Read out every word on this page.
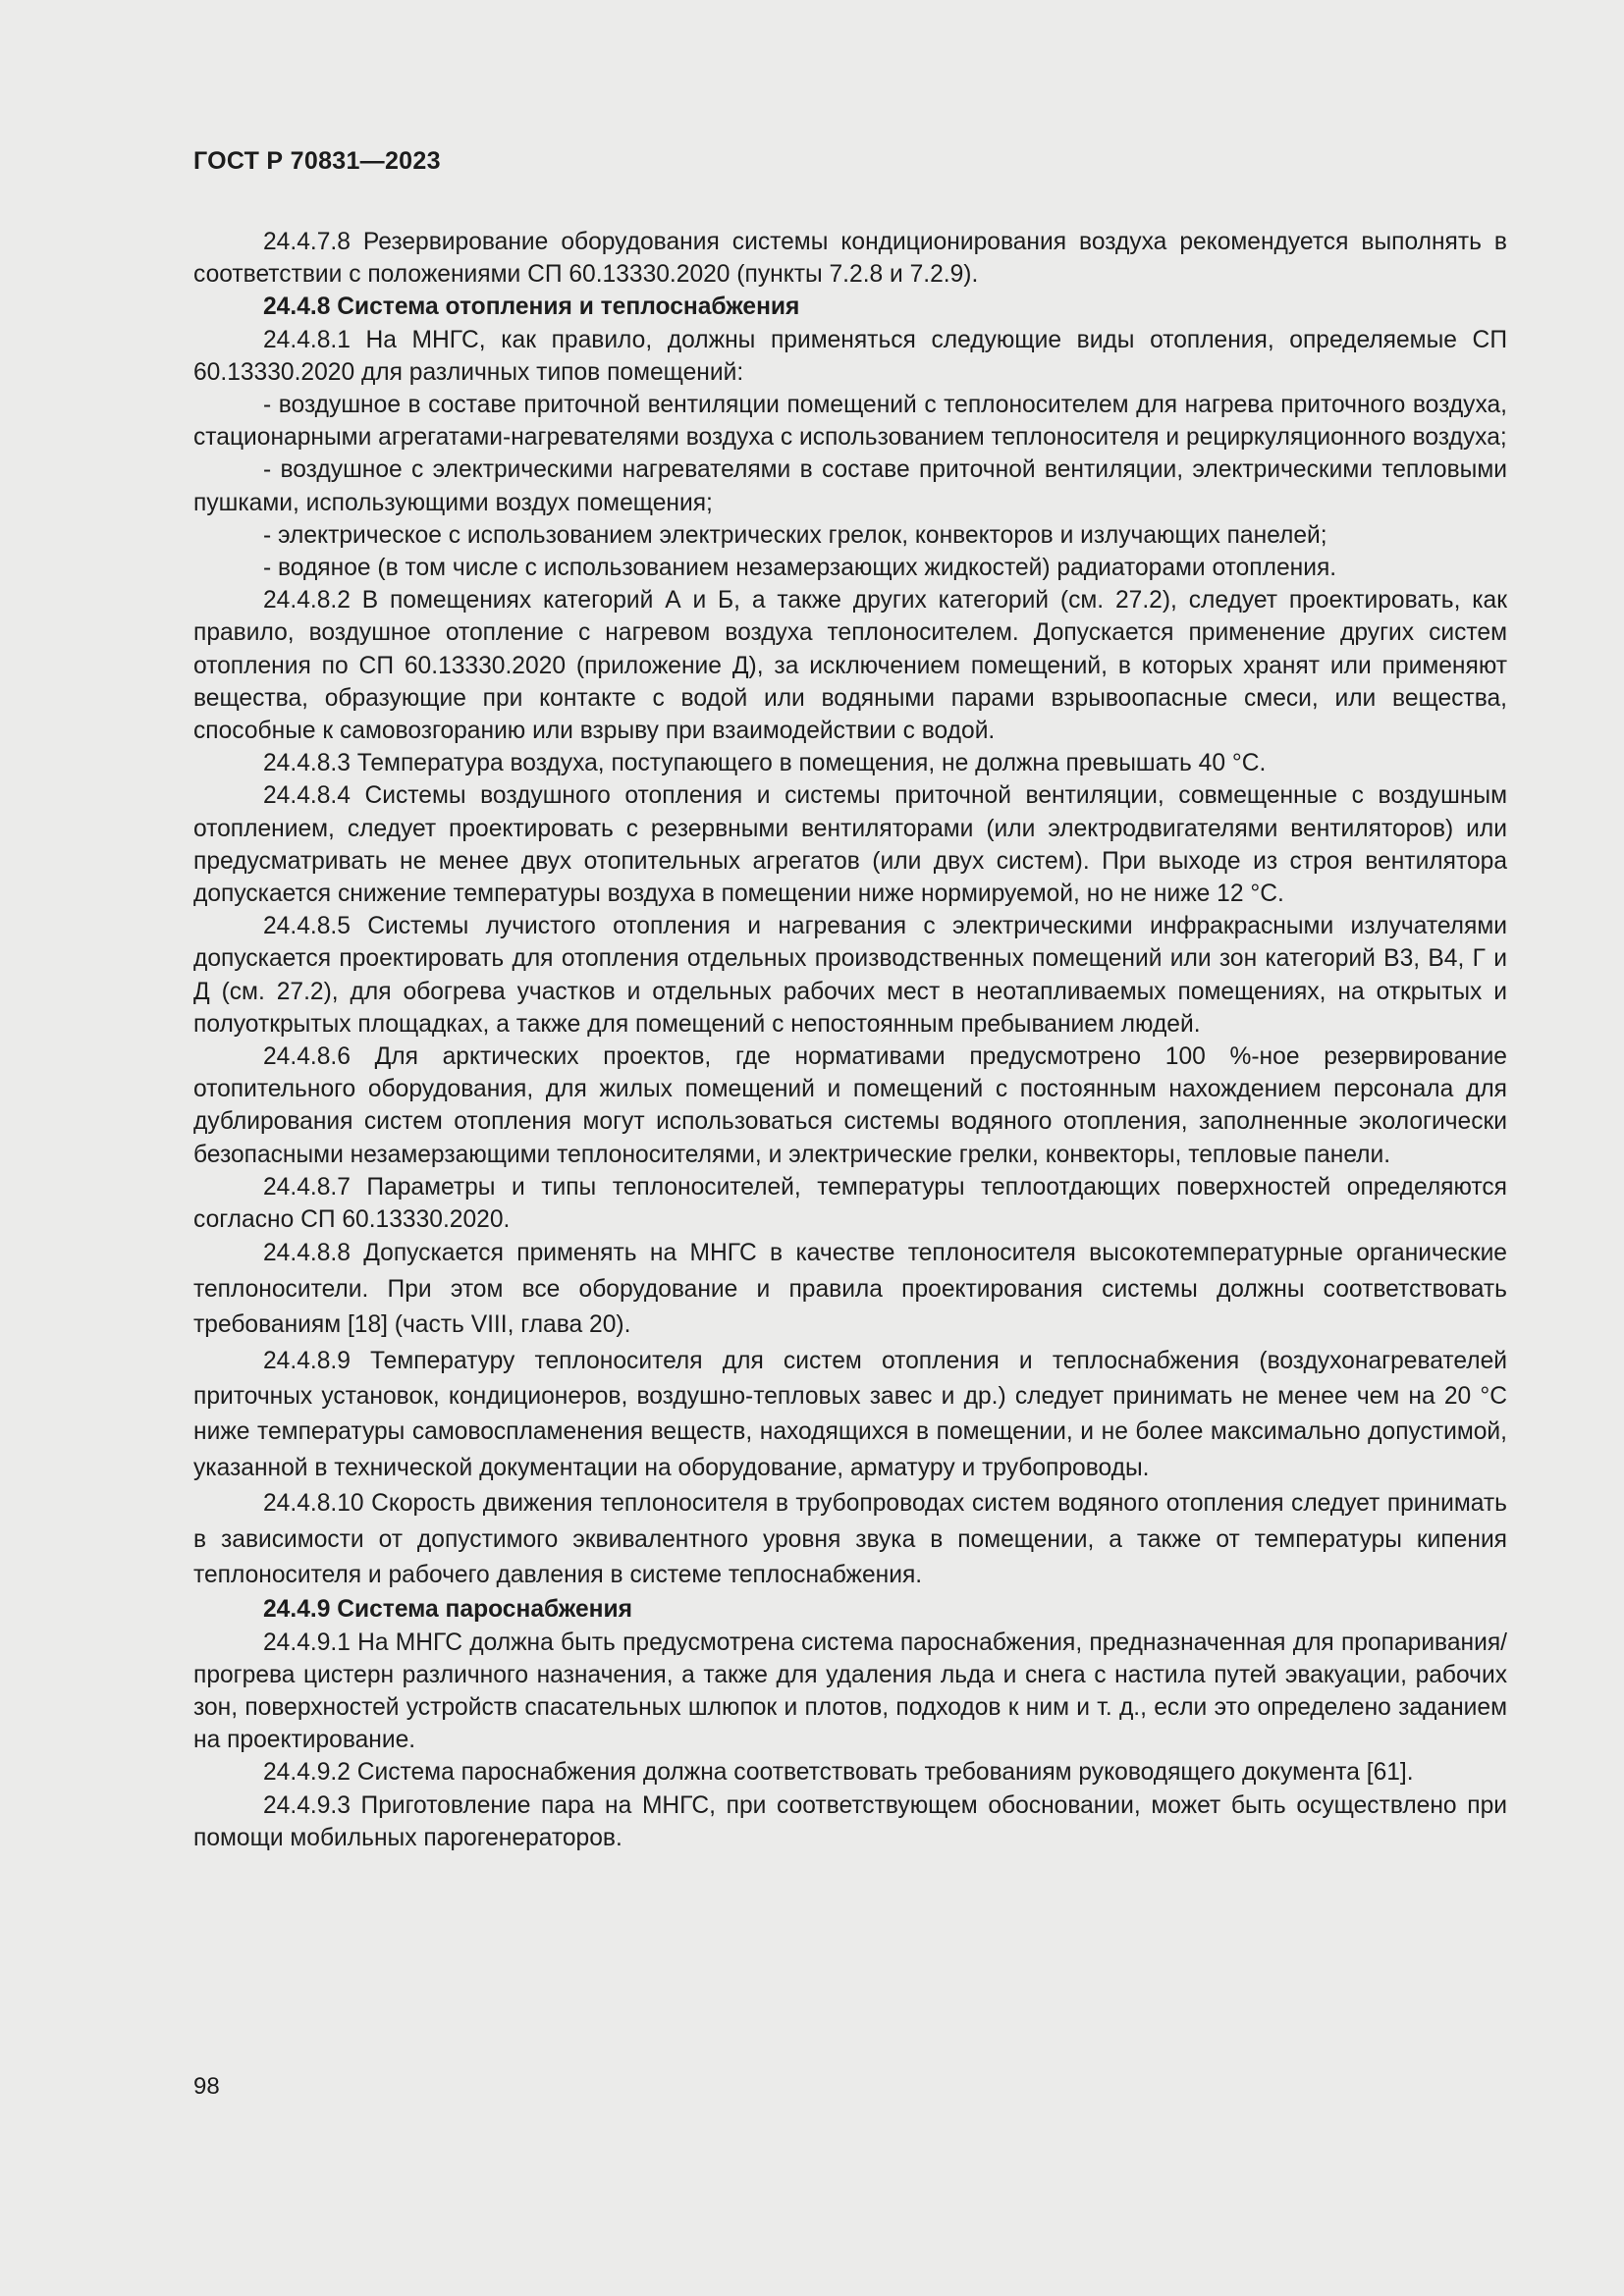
ГОСТ Р 70831—2023

24.4.7.8 Резервирование оборудования системы кондиционирования воздуха рекомендуется выполнять в соответствии с положениями СП 60.13330.2020 (пункты 7.2.8 и 7.2.9).

24.4.8 Система отопления и теплоснабжения

24.4.8.1 На МНГС, как правило, должны применяться следующие виды отопления, определяемые СП 60.13330.2020 для различных типов помещений:

- воздушное в составе приточной вентиляции помещений с теплоносителем для нагрева приточного воздуха, стационарными агрегатами-нагревателями воздуха с использованием теплоносителя и рециркуляционного воздуха;

- воздушное с электрическими нагревателями в составе приточной вентиляции, электрическими тепловыми пушками, использующими воздух помещения;

- электрическое с использованием электрических грелок, конвекторов и излучающих панелей;

- водяное (в том числе с использованием незамерзающих жидкостей) радиаторами отопления.

24.4.8.2 В помещениях категорий А и Б, а также других категорий (см. 27.2), следует проектировать, как правило, воздушное отопление с нагревом воздуха теплоносителем. Допускается применение других систем отопления по СП 60.13330.2020 (приложение Д), за исключением помещений, в которых хранят или применяют вещества, образующие при контакте с водой или водяными парами взрывоопасные смеси, или вещества, способные к самовозгоранию или взрыву при взаимодействии с водой.

24.4.8.3 Температура воздуха, поступающего в помещения, не должна превышать 40 °С.

24.4.8.4 Системы воздушного отопления и системы приточной вентиляции, совмещенные с воздушным отоплением, следует проектировать с резервными вентиляторами (или электродвигателями вентиляторов) или предусматривать не менее двух отопительных агрегатов (или двух систем). При выходе из строя вентилятора допускается снижение температуры воздуха в помещении ниже нормируемой, но не ниже 12 °С.

24.4.8.5 Системы лучистого отопления и нагревания с электрическими инфракрасными излучателями допускается проектировать для отопления отдельных производственных помещений или зон категорий В3, В4, Г и Д (см. 27.2), для обогрева участков и отдельных рабочих мест в неотапливаемых помещениях, на открытых и полуоткрытых площадках, а также для помещений с непостоянным пребыванием людей.

24.4.8.6 Для арктических проектов, где нормативами предусмотрено 100 %-ное резервирование отопительного оборудования, для жилых помещений и помещений с постоянным нахождением персонала для дублирования систем отопления могут использоваться системы водяного отопления, заполненные экологически безопасными незамерзающими теплоносителями, и электрические грелки, конвекторы, тепловые панели.

24.4.8.7 Параметры и типы теплоносителей, температуры теплоотдающих поверхностей определяются согласно СП 60.13330.2020.

24.4.8.8 Допускается применять на МНГС в качестве теплоносителя высокотемпературные органические теплоносители. При этом все оборудование и правила проектирования системы должны соответствовать требованиям [18] (часть VIII, глава 20).

24.4.8.9 Температуру теплоносителя для систем отопления и теплоснабжения (воздухонагревателей приточных установок, кондиционеров, воздушно-тепловых завес и др.) следует принимать не менее чем на 20 °С ниже температуры самовоспламенения веществ, находящихся в помещении, и не более максимально допустимой, указанной в технической документации на оборудование, арматуру и трубопроводы.

24.4.8.10 Скорость движения теплоносителя в трубопроводах систем водяного отопления следует принимать в зависимости от допустимого эквивалентного уровня звука в помещении, а также от температуры кипения теплоносителя и рабочего давления в системе теплоснабжения.

24.4.9 Система пароснабжения

24.4.9.1 На МНГС должна быть предусмотрена система пароснабжения, предназначенная для пропаривания/прогрева цистерн различного назначения, а также для удаления льда и снега с настила путей эвакуации, рабочих зон, поверхностей устройств спасательных шлюпок и плотов, подходов к ним и т. д., если это определено заданием на проектирование.

24.4.9.2 Система пароснабжения должна соответствовать требованиям руководящего документа [61].

24.4.9.3 Приготовление пара на МНГС, при соответствующем обосновании, может быть осуществлено при помощи мобильных парогенераторов.

98
